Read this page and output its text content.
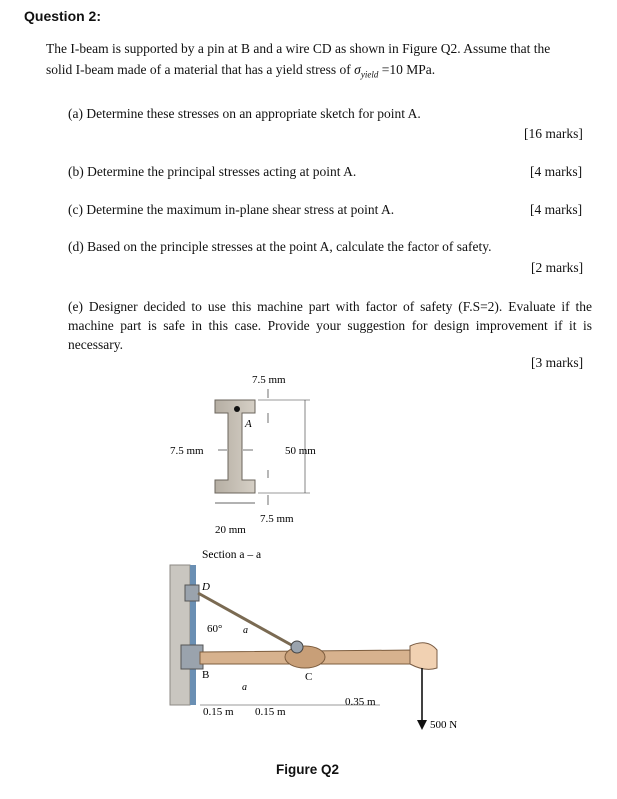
Question 2:
The I-beam is supported by a pin at B and a wire CD as shown in Figure Q2. Assume that the
solid I-beam made of a material that has a yield stress of $\sigma_{yield} =10$ MPa.
(a) Determine these stresses on an appropriate sketch for point A.
[16 marks]
(b) Determine the principal stresses acting at point A.	[4 marks]
(c) Determine the maximum in-plane shear stress at point A.	[4 marks]
(d) Based on the principle stresses at the point A, calculate the factor of safety.
[2 marks]
(e) Designer decided to use this machine part with factor of safety (F.S=2). Evaluate if the machine part is safe in this case. Provide your suggestion for design improvement if it is necessary.
[3 marks]
A
7.5 mm
7.5 mm	50 mm
7.5 mm
20 mm
Section a – a
D
B
60° a
a
C
0.15 m 0.15 m
0.35 m
500 N
Figure Q2
